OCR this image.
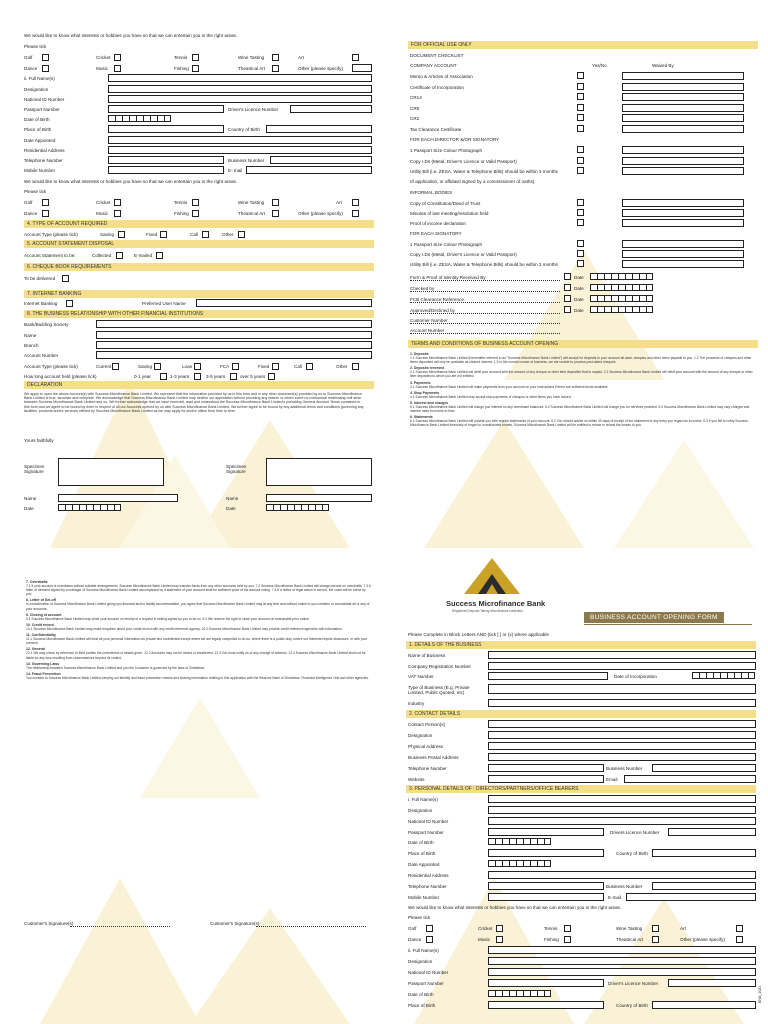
We would like to know what interests or hobbies you have so that we can entertain you in the right areas.
Please tick
Golf	Cricket	Tennis	Wine Tasting	Art
Dance	Music	Fishing	Theatrical Art	Other (please specify)
ii. Full Name(s)
Designation
National ID Number
Passport Number	Driver's Licence Number
Date of Birth
Place of Birth	Country of Birth
Date Appointed
Residential Address
Telephone Number	Business Number
Mobile Number	E- mail
We would like to know what interests or hobbies you have so that we can entertain you in the right areas.
Please tick
Golf	Cricket	Tennis	Wine Tasting	Art
Dance	Music	Fishing	Theatrical Art	Other (please specify)
4. TYPE OF ACCOUNT REQUIRED
Account Type (please tick)	Saving	Fixed	Call	Other
5. ACCOUNT STATEMENT DISPOSAL
Account Statement to be:	Collected	E-mailed
6. CHEQUE BOOK REQUIREMENTS
To be delivered
7. INTERNET BANKING
Internet Banking	Preferred User Name
8. THE BUSINESS RELATIONSHIP WITH OTHER FINANCIAL INSTITUTIONS
Bank/Building Society
Name
Branch
Account Number
Account Type (please tick)	Current	Saving	Loan	FCA	Fixed	Call	Other
How long account held (please tick)	0-1 year	1-3 years	3-5 years	over 5 years
DECLARATION
We apply to open the above Account(s) with Success Microfinance Bank Limited. We represent that the information provided by us in this form and in any other document(s) provided by us to Success Microfinance Bank Limited is true, accurate and complete. We acknowledge that Success Microfinance Bank Limited may decline our application without providing any reason or which event no contractual relationship will arise between Success Microfinance Bank Limited and us. We further acknowledge that we have received, read and understood the Success Microfinance Bank Limited's prevailing General Account Terms contained in this form and we agree to be bound by them in respect of all our Accounts opened by us with Success Microfinance Bank Limited. We further agree to be bound by any additional terms and conditions governing any facilities, products and/or services offered by Success Microfinance Bank Limited as we may apply for and/or utilise from time to time.
Yours faithfully
Specimen Signature
Specimen Signature
Name
Date
Name
Date
FOR OFFICIAL USE ONLY
DOCUMENT CHECKLIST
COMPANY ACCOUNT	Yes/No	Waived By
Memo & Articles of Association
Certificate of Incorporation
CR14
CR6
CR2
Tax Clearance Certificate
FOR EACH DIRECTOR &/OR SIGNATORY
1 Passport Size Colour Photograph
Copy I.Ds (Metal, Driver's Licence or Valid Passport)
Utility Bill (i.e. ZESA, Water & Telephone Bills) should be within 3 months
of application, or affidavit signed by a commissioner of oaths)
INFORMAL BODIES
Copy of Constitution/Deed of Trust
Minutes of last meeting/resolution held
Proof of income declaration
FOR EACH SIGNATORY
1 Passport Size Colour Photograph
Copy I.Ds (Metal, Driver's Licence or Valid Passport)
Utility Bill (i.e. ZESA, Water & Telephone Bills) should be within 3 months
Form & Proof of Identity Received By	Date
Checked by	Date
FCB Clearance Reference	Date
Approved/Declined by	Date
Customer Number
Account Number
TERMS AND CONDITIONS OF BUSINESS ACCOUNT OPENING
1. Deposits
1.1 Success Microfinance Bank Limited (hereinafter referred to as "Success Microfinance Bank Limited") will accept for deposits to your account all cash, cheques and other items payable to you. 1.2 The proceeds of cheques and other items deposited will only be available as cleared interest. 1.3 In the normal course of business, we are unable to process post-dated cheques.
2. Deposits reversed
2.1 Success Microfinance Bank Limited will debit your account with the amount of any cheque or other item deposited that is unpaid. 2.2 Success Microfinance Bank Limited will debit your account with the amount of any cheque or other item deposited to which you are not entitled.
3. Payments
3.1 Success Microfinance Bank Limited will make payments from your account on your instructions if there are sufficient funds available.
4. Stop Payments
4.1 Success Microfinance Bank Limited may accept stop payments of cheques or other items you have issued.
5. Interest and charges
5.1 Success Microfinance Bank Limited will charge you interest on any overdrawn balances. 5.2 Success Microfinance Bank Limited will charge you for services provided. 5.3 Success Microfinance Bank Limited may vary charges and interest rates from time to time.
6. Statements
6.1 Success Microfinance Bank Limited will provide you with regular statements of your account. 6.2 You should advise us within 30 days of receipt of the statement of any entry you regard as incorrect. 6.3 If you fail to notify Success Microfinance Bank Limited timeously of forged or unauthorised entries, Success Microfinance Bank Limited will be entitled to refuse to refund the losses to you.
7. Overdrafts
7.1 If your account is overdrawn without suitable arrangements, Success Microfinance Bank Limited may transfer funds from any other accounts held by you. 7.2 Success Microfinance Bank Limited will charge interest on overdrafts. 7.3 A letter of demand signed by a manager of Success Microfinance Bank Limited accompanied by a statement of your account shall be sufficient proof of the amount owing. 7.4 If a notice of legal action is served, the costs will be borne by you.
8. Letter of Set-off
In consideration of Success Microfinance Bank Limited giving you financial and/or facility accommodation, you agree that Success Microfinance Bank Limited may at any time and without notice to you combine or consolidate all or any of your accounts.
9. Closing of account
9.1 Success Microfinance Bank Limited may close your account on receipt of a request in writing signed by you to do so. 9.2 We reserve the right to close your account on reasonable prior notice.
10. Credit record
10.1 Success Microfinance Bank Limited may make enquiries about your credit record with any credit reference agency. 10.2 Success Microfinance Bank Limited may provide credit reference agencies with information.
11. Confidentiality
11.1 Success Microfinance Bank Limited will treat all your personal information as private and confidential except where we are legally compelled to do so, where there is a public duty, where our interests require disclosure, or with your consent.
12. General
12.1 We may check by reference to third parties the correctness of details given. 12.2 Accounts may not be ceded or transferred. 12.3 You must notify us of any change of address. 12.4 Success Microfinance Bank Limited shall not be liable for any loss resulting from circumstances beyond its control.
13. Governing Laws
The relationship between Success Microfinance Bank Limited and you the Customer is governed by the laws of Zimbabwe.
14. Fraud Prevention
You consent to Success Microfinance Bank Limited carrying out identity and fraud prevention checks and sharing information relating to this application with the Reserve Bank of Zimbabwe, Financial Intelligence Unit and other agencies.
Customer's Signature(s)	Customer's Signature(s)
Success Microfinance Bank
Registered Deposit-Taking Microfinance Institution
BUSINESS ACCOUNT OPENING FORM
Please Complete in Block Letters AND (tick [ ] or (x) where applicable
1. DETAILS OF THE BUSINESS
Name of Business
Company Registration Number
VAT Number	Date of Incorporation
Type of Business (E.g. Private Limited, Public Quoted, etc)
Industry
2. CONTACT DETAILS
Contact Person(s)
Designation
Physical Address
Business Postal Address
Telephone Number	Business Number
Website	Email
3. PERSONAL DETAILS OF : DIRECTORS/PARTNERS/OFFICE BEARERS
i. Full Name(s)
Designation
National ID Number
Passport Number	Drivers Licence Number
Date of Birth
Place of Birth	Country of Birth
Date Appointed
Residential Address
Telephone Number	Business Number
Mobile Number	E-mail
We would like to know what interests or hobbies you have so that we can entertain you in the right areas.
Please tick
Golf	Cricket	Tennis	Wine Tasting	Art
Dance	Music	Fishing	Theatrical Art	Other (please specify)
ii. Full Name(s)
Designation
National ID Number
Passport Number	Driver's Licence Number
Date of Birth
Place of Birth	Country of Birth
ENG_2021
